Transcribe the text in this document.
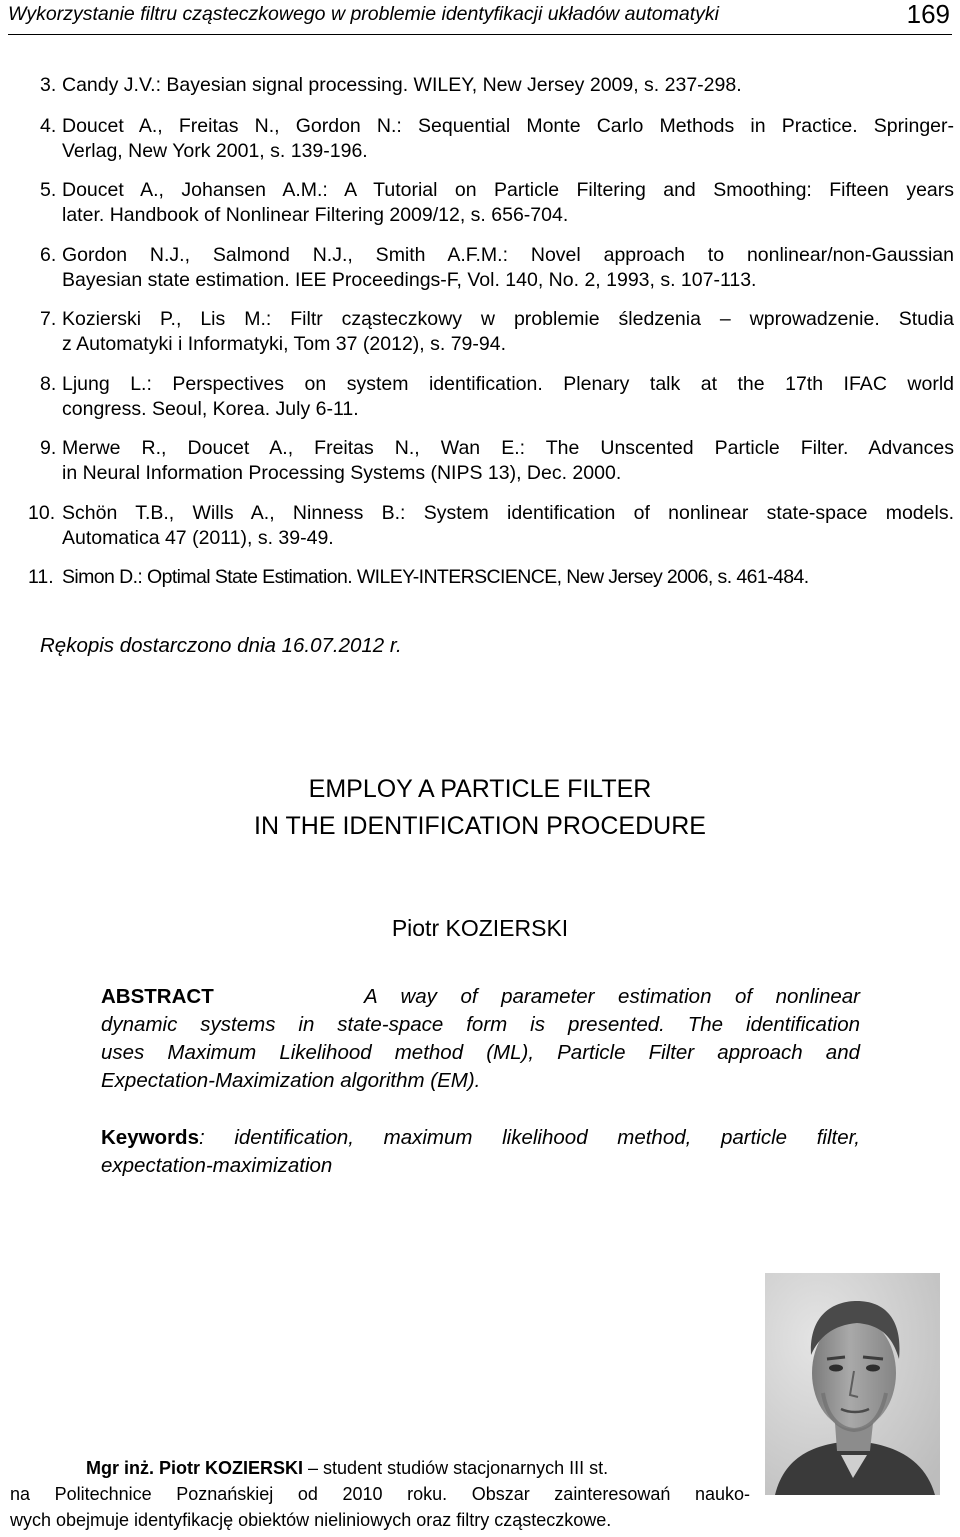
Wykorzystanie filtru cząsteczkowego w problemie identyfikacji układów automatyki	169
3. Candy J.V.: Bayesian signal processing. WILEY, New Jersey 2009, s. 237-298.
4. Doucet A., Freitas N., Gordon N.: Sequential Monte Carlo Methods in Practice. Springer-
Verlag, New York 2001, s. 139-196.
5. Doucet A., Johansen A.M.: A Tutorial on Particle Filtering and Smoothing: Fifteen years
later. Handbook of Nonlinear Filtering 2009/12, s. 656-704.
6. Gordon N.J., Salmond N.J., Smith A.F.M.: Novel approach to nonlinear/non-Gaussian
Bayesian state estimation. IEE Proceedings-F, Vol. 140, No. 2, 1993, s. 107-113.
7. Kozierski P., Lis M.: Filtr cząsteczkowy w problemie śledzenia – wprowadzenie. Studia
z Automatyki i Informatyki, Tom 37 (2012), s. 79-94.
8. Ljung L.: Perspectives on system identification. Plenary talk at the 17th IFAC world
congress. Seoul, Korea. July 6-11.
9. Merwe R., Doucet A., Freitas N., Wan E.: The Unscented Particle Filter. Advances
in Neural Information Processing Systems (NIPS 13), Dec. 2000.
10. Schön T.B., Wills A., Ninness B.: System identification of nonlinear state-space models.
Automatica 47 (2011), s. 39-49.
11. Simon D.: Optimal State Estimation. WILEY-INTERSCIENCE, New Jersey 2006, s. 461-484.
Rękopis dostarczono dnia 16.07.2012 r.
EMPLOY A PARTICLE FILTER
IN THE IDENTIFICATION PROCEDURE
Piotr KOZIERSKI
ABSTRACT	A way of parameter estimation of nonlinear
dynamic systems in state-space form is presented. The identification
uses Maximum Likelihood method (ML), Particle Filter approach and
Expectation-Maximization algorithm (EM).
Keywords : identification, maximum likelihood method, particle filter,
expectation-maximization
Mgr inż. Piotr KOZIERSKI – student studiów stacjonarnych III st.
na Politechnice Poznańskiej od 2010 roku. Obszar zainteresowań nauko-
wych obejmuje identyfikację obiektów nieliniowych oraz filtry cząsteczkowe.
